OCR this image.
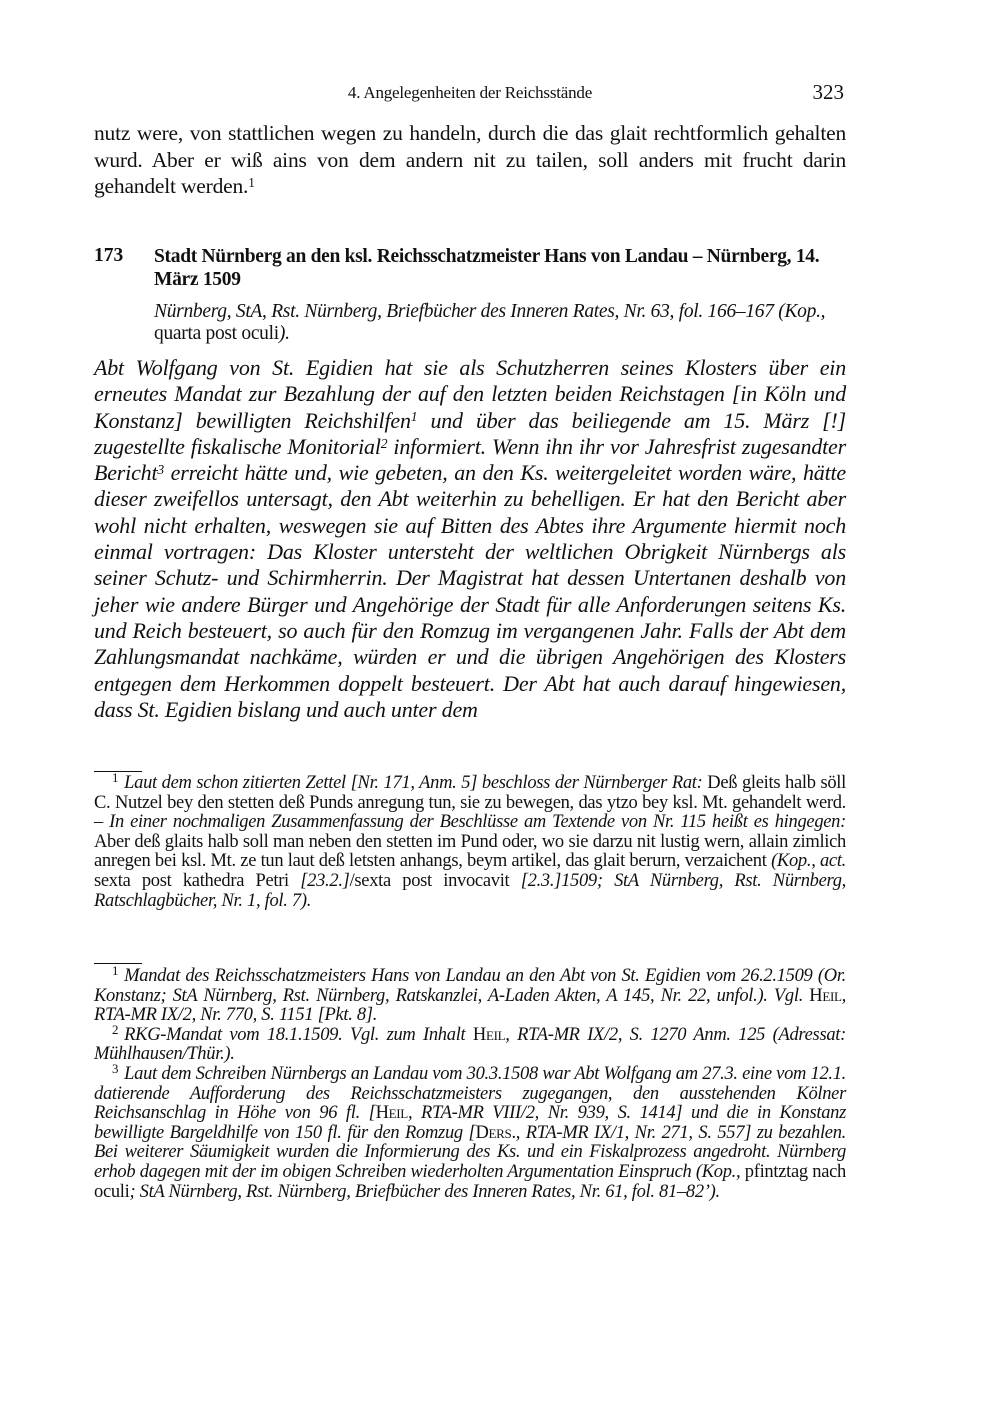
4. Angelegenheiten der Reichsstände	323
nutz were, von stattlichen wegen zu handeln, durch die das glait rechtformlich gehalten wurd. Aber er wiß ains von dem andern nit zu tailen, soll anders mit frucht darin gehandelt werden.$^1$
173 Stadt Nürnberg an den ksl. Reichsschatzmeister Hans von Landau – Nürnberg, 14. März 1509
Nürnberg, StA, Rst. Nürnberg, Briefbücher des Inneren Rates, Nr. 63, fol. 166–167 (Kop., quarta post oculi).
Abt Wolfgang von St. Egidien hat sie als Schutzherren seines Klosters über ein erneutes Mandat zur Bezahlung der auf den letzten beiden Reichstagen [in Köln und Konstanz] bewilligten Reichshilfen$^1$ und über das beiliegende am 15. März [!] zugestellte fiskalische Monitorial$^2$ informiert. Wenn ihn ihr vor Jahresfrist zugesandter Bericht$^3$ erreicht hätte und, wie gebeten, an den Ks. weitergeleitet worden wäre, hätte dieser zweifellos untersagt, den Abt weiterhin zu behelligen. Er hat den Bericht aber wohl nicht erhalten, weswegen sie auf Bitten des Abtes ihre Argumente hiermit noch einmal vortragen: Das Kloster untersteht der weltlichen Obrigkeit Nürnbergs als seiner Schutz- und Schirmherrin. Der Magistrat hat dessen Untertanen deshalb von jeher wie andere Bürger und Angehörige der Stadt für alle Anforderungen seitens Ks. und Reich besteuert, so auch für den Romzug im vergangenen Jahr. Falls der Abt dem Zahlungsmandat nachkäme, würden er und die übrigen Angehörigen des Klosters entgegen dem Herkommen doppelt besteuert. Der Abt hat auch darauf hingewiesen, dass St. Egidien bislang und auch unter dem

$^1$ Laut dem schon zitierten Zettel [Nr. 171, Anm. 5] beschloss der Nürnberger Rat: Deß gleits halb söll C. Nutzel bey den stetten deß Punds anregung tun, sie zu bewegen, das ytzo bey ksl. Mt. gehandelt werd. – In einer nochmaligen Zusammenfassung der Beschlüsse am Textende von Nr. 115 heißt es hingegen: Aber deß glaits halb soll man neben den stetten im Pund oder, wo sie darzu nit lustig wern, allain zimlich anregen bei ksl. Mt. ze tun laut deß letsten anhangs, beym artikel, das glait berurn, verzaichent (Kop., act. sexta post kathedra Petri [23.2.]/sexta post invocavit [2.3.]1509; StA Nürnberg, Rst. Nürnberg, Ratschlagbücher, Nr. 1, fol. 7).

$^1$ Mandat des Reichsschatzmeisters Hans von Landau an den Abt von St. Egidien vom 26.2.1509 (Or. Konstanz; StA Nürnberg, Rst. Nürnberg, Ratskanzlei, A-Laden Akten, A 145, Nr. 22, unfol.). Vgl. Heil, RTA-MR IX/2, Nr. 770, S. 1151 [Pkt. 8].

$^2$ RKG-Mandat vom 18.1.1509. Vgl. zum Inhalt Heil, RTA-MR IX/2, S. 1270 Anm. 125 (Adressat: Mühlhausen/Thür.).

$^3$ Laut dem Schreiben Nürnbergs an Landau vom 30.3.1508 war Abt Wolfgang am 27.3. eine vom 12.1. datierende Aufforderung des Reichsschatzmeisters zugegangen, den ausstehenden Kölner Reichsanschlag in Höhe von 96 fl. [Heil, RTA-MR VIII/2, Nr. 939, S. 1414] und die in Konstanz bewilligte Bargeldhilfe von 150 fl. für den Romzug [Ders., RTA-MR IX/1, Nr. 271, S. 557] zu bezahlen. Bei weiterer Säumigkeit wurden die Informierung des Ks. und ein Fiskalprozess angedroht. Nürnberg erhob dagegen mit der im obigen Schreiben wiederholten Argumentation Einspruch (Kop., pfintztag nach oculi; StA Nürnberg, Rst. Nürnberg, Briefbücher des Inneren Rates, Nr. 61, fol. 81–82’).
